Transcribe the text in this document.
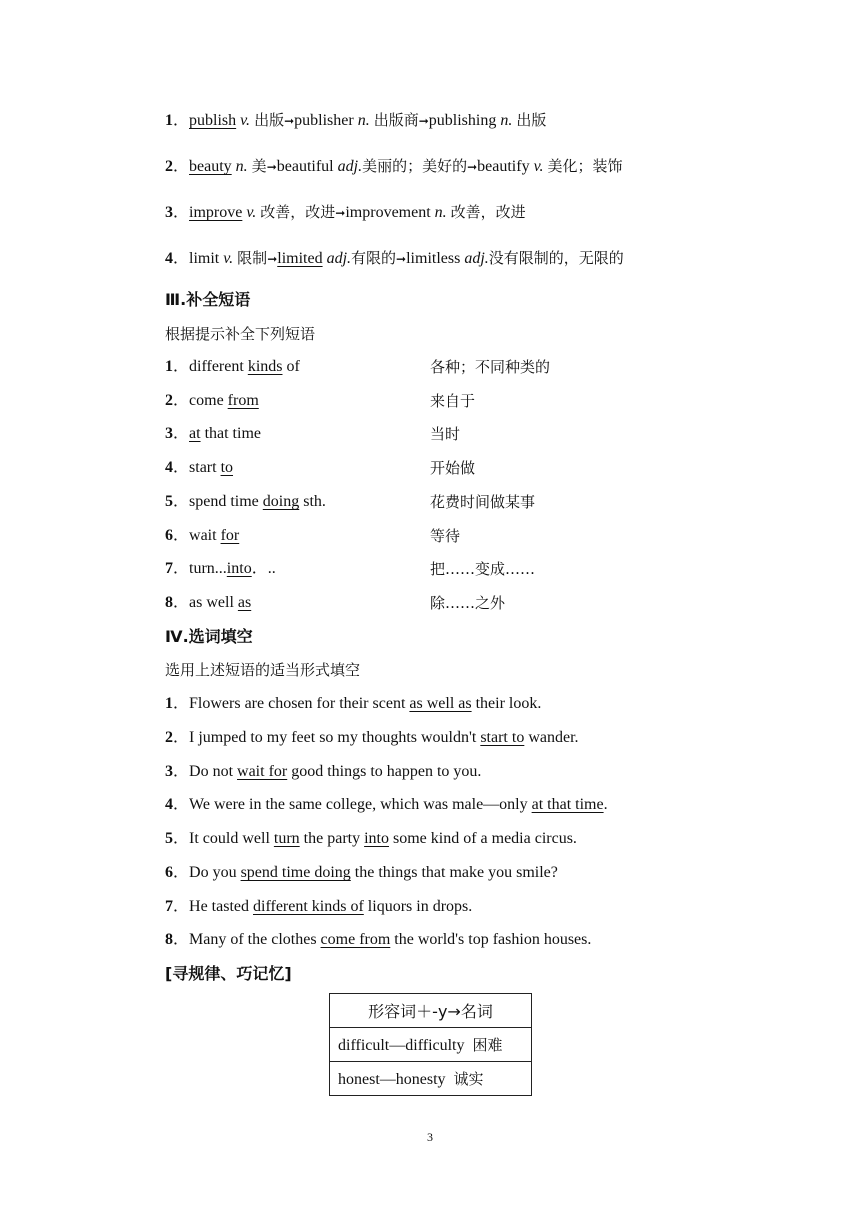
1．publish v. 出版➞publisher n. 出版商➞publishing n. 出版
2．beauty n. 美➞beautiful adj.美丽的；美好的➞beautify v. 美化；装饰
3．improve v. 改善，改进➞improvement n. 改善，改进
4．limit v. 限制➞limited adj.有限的➞limitless adj.没有限制的，无限的
Ⅲ.补全短语
根据提示补全下列短语
1．different kinds of	各种；不同种类的
2．come from	来自于
3．at that time	当时
4．start to	开始做
5．spend time doing sth.	花费时间做某事
6．wait for	等待
7．turn...into．..	把……变成……
8．as well as	除……之外
Ⅳ.选词填空
选用上述短语的适当形式填空
1．Flowers are chosen for their scent as well as their look.
2．I jumped to my feet so my thoughts wouldn't start to wander.
3．Do not wait for good things to happen to you.
4．We were in the same college, which was male—only at that time.
5．It could well turn the party into some kind of a media circus.
6．Do you spend time doing the things that make you smile?
7．He tasted different kinds of liquors in drops.
8．Many of the clothes come from the world's top fashion houses.
[寻规律、巧记忆]
形容词＋-y→名词
difficult—difficulty 困难
honest—honesty 诚实
3
